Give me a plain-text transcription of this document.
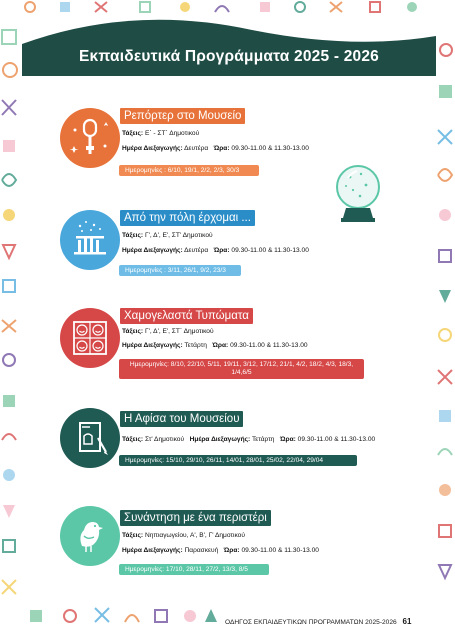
Εκπαιδευτικά Προγράμματα 2025 - 2026
Ρεπόρτερ στο Μουσείο
Τάξεις: Ε΄ - ΣΤ΄ Δημοτικού
Ημέρα Διεξαγωγής: Δευτέρα Ώρα: 09.30-11.00 & 11.30-13.00
Ημερομηνίες : 6/10, 19/1, 2/2, 2/3, 30/3
Από την πόλη έρχομαι ...
Τάξεις: Γ', Δ', Ε', ΣΤ' Δημοτικού
Ημέρα Διεξαγωγής: Δευτέρα Ώρα: 09.30-11.00 & 11.30-13.00
Ημερομηνίες : 3/11, 26/1, 9/2, 23/3
Χαμογελαστά Τυπώματα
Τάξεις: Γ', Δ', Ε', ΣΤ΄ Δημοτικού
Ημέρα Διεξαγωγής: Τετάρτη Ώρα: 09.30-11.00 & 11.30-13.00
Ημερομηνίες: 8/10, 22/10, 5/11, 19/11, 3/12, 17/12, 21/1, 4/2, 18/2, 4/3, 18/3, 1/4,6/5
Η Αφίσα του Μουσείου
Τάξεις: Στ' Δημοτικού Ημέρα Διεξαγωγής: Τετάρτη Ώρα: 09.30-11.00 & 11.30-13.00
Ημερομηνίες: 15/10, 29/10, 26/11, 14/01, 28/01, 25/02, 22/04, 29/04
Συνάντηση με ένα περιστέρι
Τάξεις: Νηπιαγωγείου, Α', Β', Γ' Δημοτικού
Ημέρα Διεξαγωγής: Παρασκευή Ώρα: 09.30-11.00 & 11.30-13.00
Ημερομηνίες: 17/10, 28/11, 27/2, 13/3, 8/5
ΟΔΗΓΟΣ ΕΚΠΑΙΔΕΥΤΙΚΩΝ ΠΡΟΓΡΑΜΜΑΤΩΝ 2025-2026 61
